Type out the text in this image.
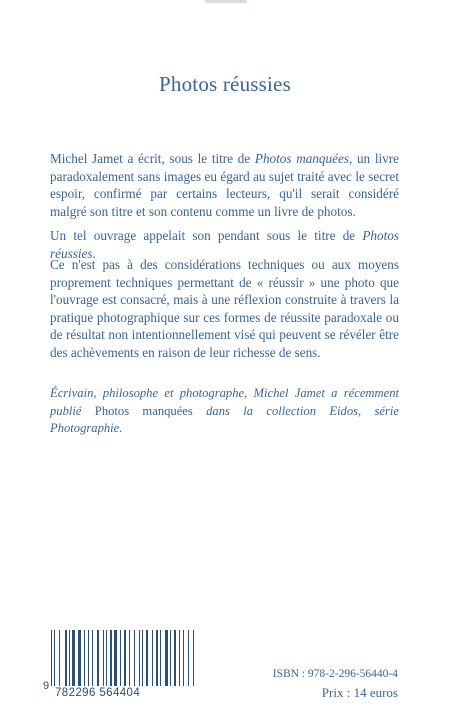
Photos réussies
Michel Jamet a écrit, sous le titre de Photos manquées, un livre paradoxalement sans images eu égard au sujet traité avec le secret espoir, confirmé par certains lecteurs, qu'il serait considéré malgré son titre et son contenu comme un livre de photos.
Un tel ouvrage appelait son pendant sous le titre de Photos réussies.
Ce n'est pas à des considérations techniques ou aux moyens proprement techniques permettant de « réussir » une photo que l'ouvrage est consacré, mais à une réflexion construite à travers la pratique photographique sur ces formes de réussite paradoxale ou de résultat non intentionnellement visé qui peuvent se révéler être des achèvements en raison de leur richesse de sens.
Écrivain, philosophe et photographe, Michel Jamet a récemment publié Photos manquées dans la collection Eidos, série Photographie.
9
782296 564404
ISBN : 978-2-296-56440-4
Prix : 14 euros
